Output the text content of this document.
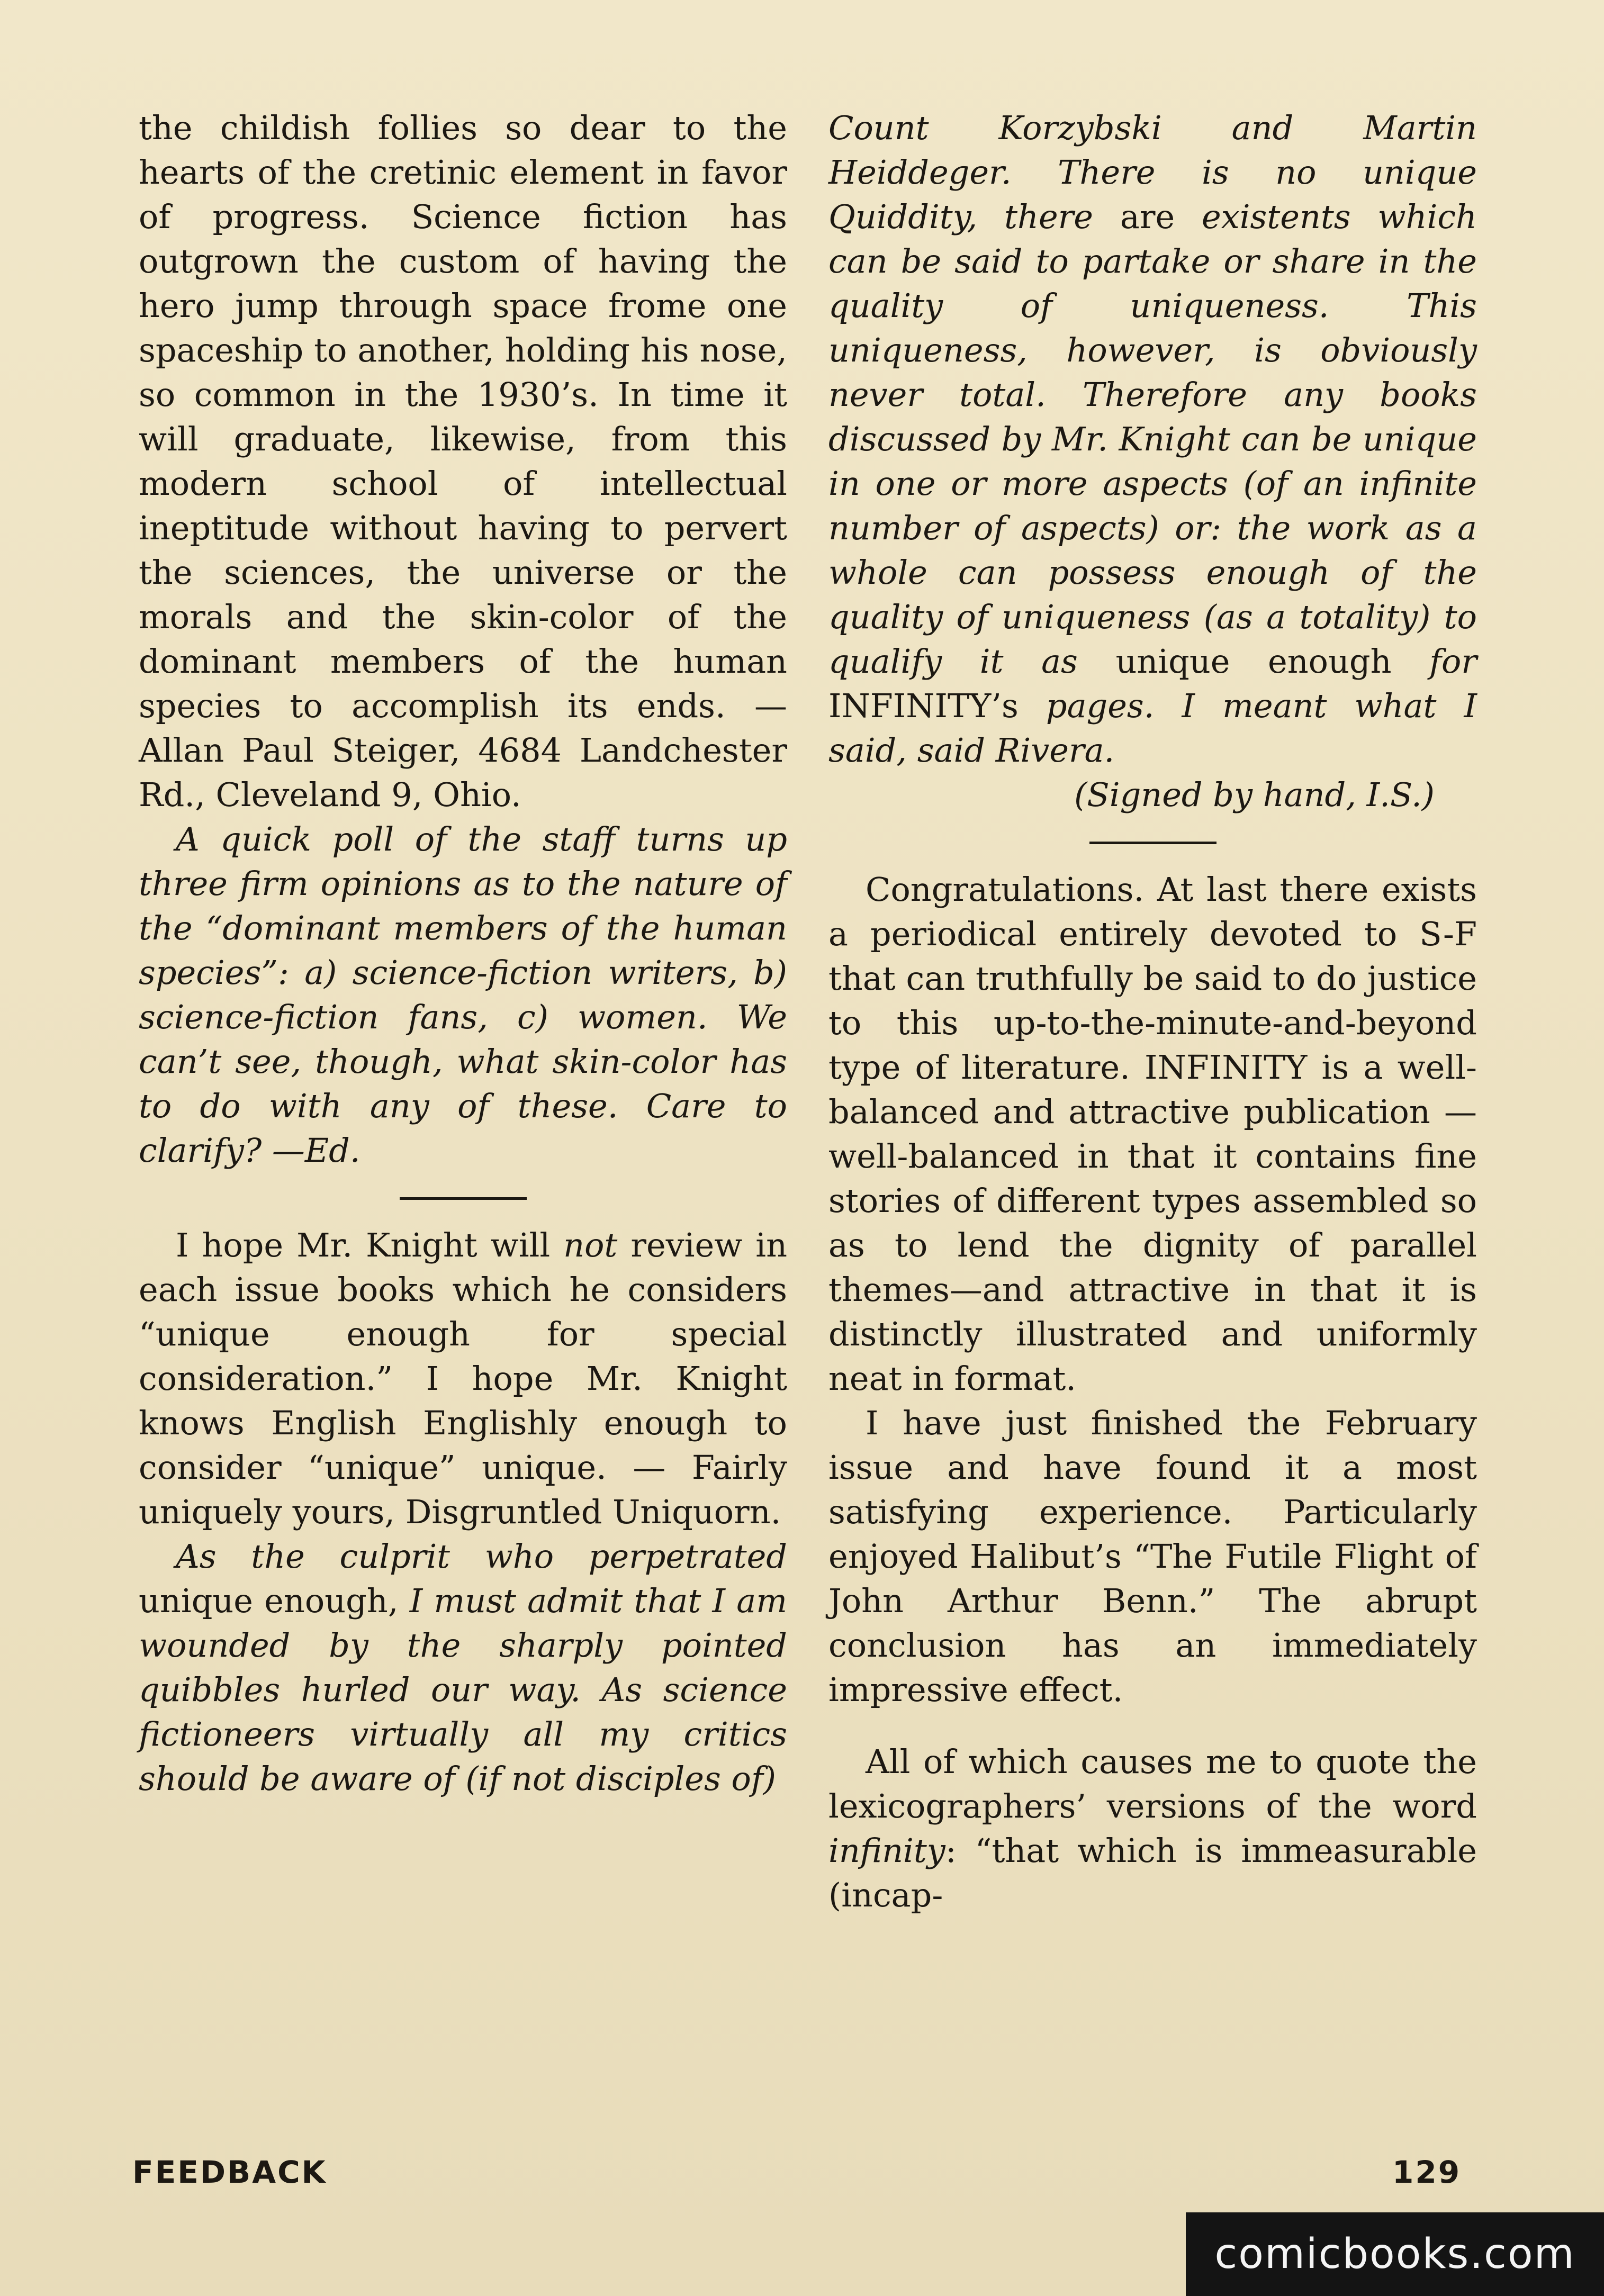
the childish follies so dear to the hearts of the cretinic element in favor of progress. Science fiction has outgrown the custom of having the hero jump through space frome one spaceship to another, holding his nose, so common in the 1930’s. In time it will graduate, likewise, from this modern school of intellectual ineptitude without having to pervert the sciences, the universe or the morals and the skin-color of the dominant members of the human species to accomplish its ends. — Allan Paul Steiger, 4684 Landchester Rd., Cleveland 9, Ohio.

A quick poll of the staff turns up three firm opinions as to the nature of the “dominant members of the human species”: a) science-fiction writers, b) science-fiction fans, c) women. We can’t see, though, what skin-color has to do with any of these. Care to clarify? —Ed.

I hope Mr. Knight will not review in each issue books which he considers “unique enough for special consideration.” I hope Mr. Knight knows English Englishly enough to consider “unique” unique. — Fairly uniquely yours, Disgruntled Uniquorn.

As the culprit who perpetrated unique enough, I must admit that I am wounded by the sharply pointed quibbles hurled our way. As science fictioneers virtually all my critics should be aware of (if not disciples of)

Count Korzybski and Martin Heiddeger. There is no unique Quiddity, there are existents which can be said to partake or share in the quality of uniqueness. This uniqueness, however, is obviously never total. Therefore any books discussed by Mr. Knight can be unique in one or more aspects (of an infinite number of aspects) or: the work as a whole can possess enough of the quality of uniqueness (as a totality) to qualify it as unique enough for INFINITY’s pages. I meant what I said, said Rivera.

(Signed by hand, I.S.)

Congratulations. At last there exists a periodical entirely devoted to S-F that can truthfully be said to do justice to this up-to-the-minute-and-beyond type of literature. INFINITY is a well-balanced and attractive publication — well-balanced in that it contains fine stories of different types assembled so as to lend the dignity of parallel themes—and attractive in that it is distinctly illustrated and uniformly neat in format.

I have just finished the February issue and have found it a most satisfying experience. Particularly enjoyed Halibut’s “The Futile Flight of John Arthur Benn.” The abrupt conclusion has an immediately impressive effect.

All of which causes me to quote the lexicographers’ versions of the word infinity: “that which is immeasurable (incap-

FEEDBACK	129
comicbooks.com
